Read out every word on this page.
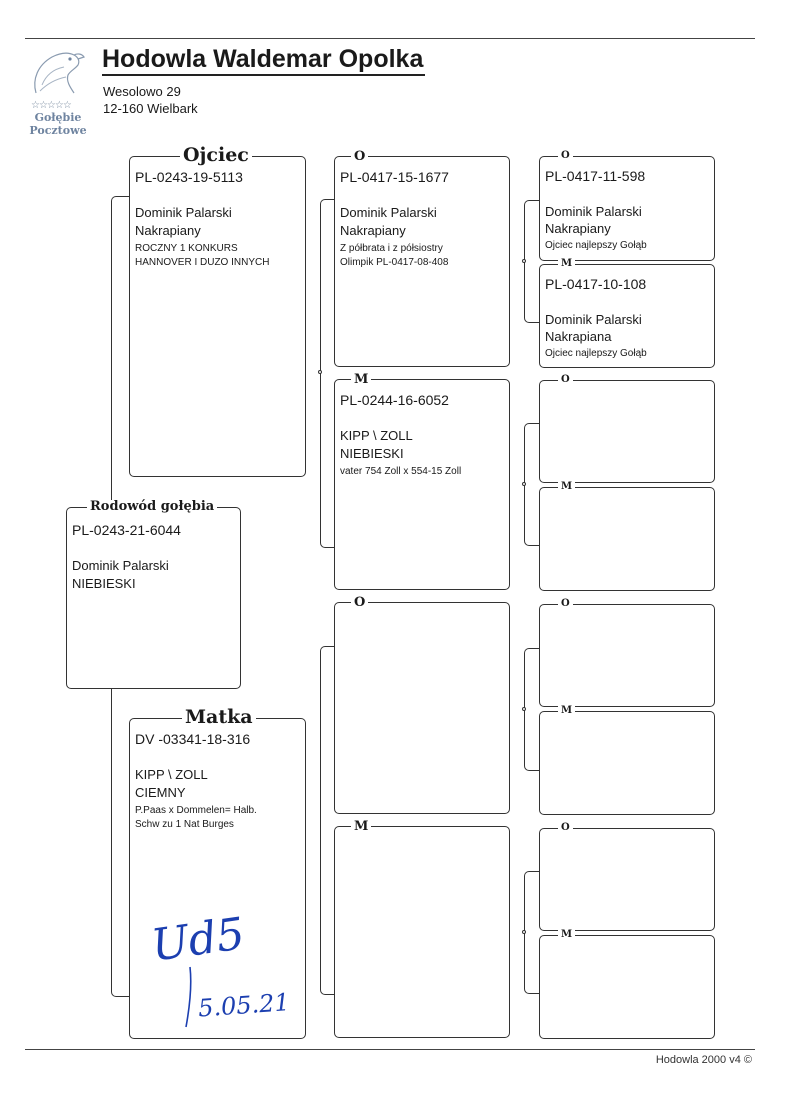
☆☆☆☆☆
Gołębie
Pocztowe
Hodowla Waldemar Opolka
Wesolowo 29
12-160 Wielbark
Rodowód gołębia
PL-0243-21-6044
Dominik Palarski
NIEBIESKI
Ojciec
PL-0243-19-5113
Dominik Palarski
Nakrapiany
ROCZNY 1 KONKURS
HANNOVER I DUZO INNYCH
Matka
DV -03341-18-316
KIPP \ ZOLL
CIEMNY
P.Paas x Dommelen= Halb.
Schw zu 1 Nat Burges
O
PL-0417-15-1677
Dominik Palarski
Nakrapiany
Z półbrata i z półsiostry
Olimpik PL-0417-08-408
M
PL-0244-16-6052
KIPP \ ZOLL
NIEBIESKI
vater 754 Zoll x 554-15 Zoll
O
M
O
PL-0417-11-598
Dominik Palarski
Nakrapiany
Ojciec najlepszy Gołąb
M
PL-0417-10-108
Dominik Palarski
Nakrapiana
Ojciec najlepszy Gołąb
O
M
O
M
O
M
Ud5
5.05.21
Hodowla 2000 v4 ©
